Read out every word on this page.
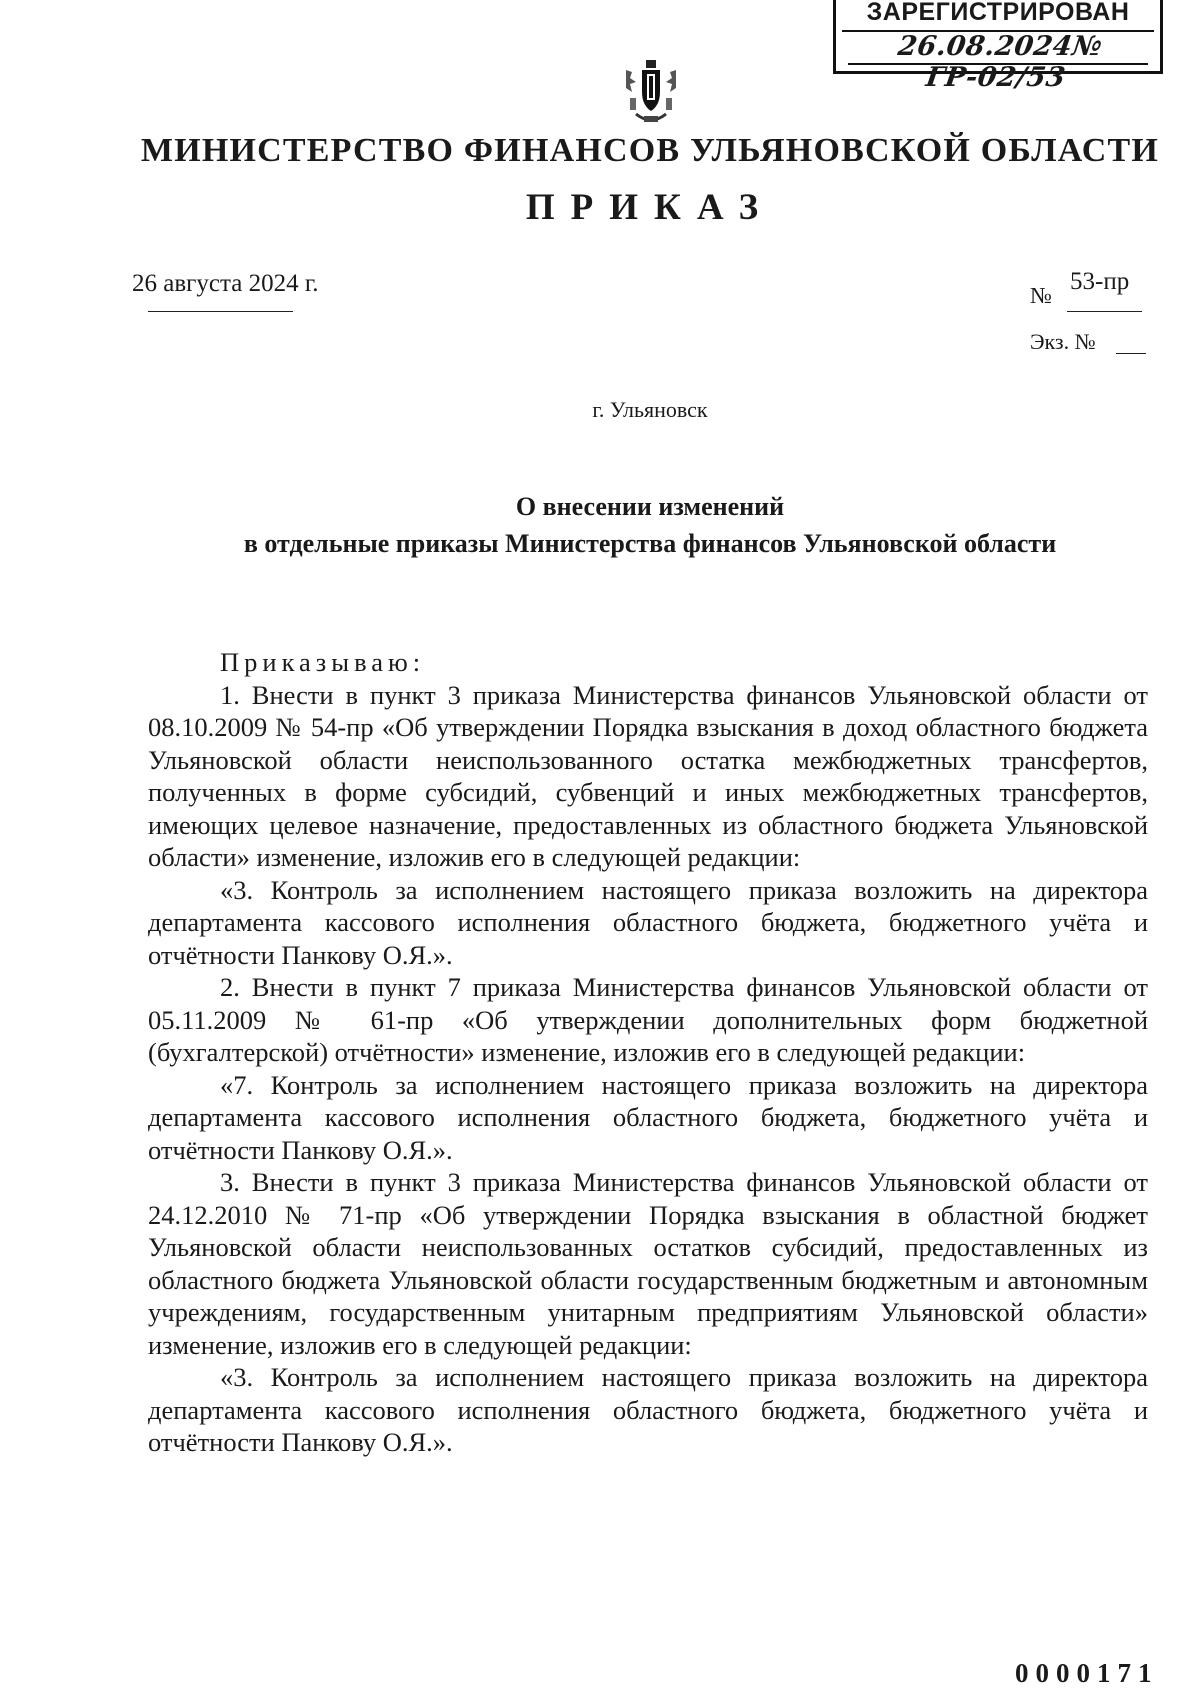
ЗАРЕГИСТРИРОВАН
26.08.2024№ ГР-02/53
МИНИСТЕРСТВО ФИНАНСОВ УЛЬЯНОВСКОЙ ОБЛАСТИ
ПРИКАЗ
26 августа 2024 г.	№
53-пр
Экз. №
г. Ульяновск
О внесении изменений
в отдельные приказы Министерства финансов Ульяновской области

Приказываю:

1. Внести в пункт 3 приказа Министерства финансов Ульяновской области от 08.10.2009 № 54-пр «Об утверждении Порядка взыскания в доход областного бюджета Ульяновской области неиспользованного остатка межбюджетных трансфертов, полученных в форме субсидий, субвенций и иных межбюджетных трансфертов, имеющих целевое назначение, предоставленных из областного бюджета Ульяновской области» изменение, изложив его в следующей редакции:

«3. Контроль за исполнением настоящего приказа возложить на директора департамента кассового исполнения областного бюджета, бюджетного учёта и отчётности Панкову О.Я.».

2. Внести в пункт 7 приказа Министерства финансов Ульяновской области от 05.11.2009 № 61-пр «Об утверждении дополнительных форм бюджетной (бухгалтерской) отчётности» изменение, изложив его в следующей редакции:

«7. Контроль за исполнением настоящего приказа возложить на директора департамента кассового исполнения областного бюджета, бюджетного учёта и отчётности Панкову О.Я.».

3. Внести в пункт 3 приказа Министерства финансов Ульяновской области от 24.12.2010 № 71-пр «Об утверждении Порядка взыскания в областной бюджет Ульяновской области неиспользованных остатков субсидий, предоставленных из областного бюджета Ульяновской области государственным бюджетным и автономным учреждениям, государственным унитарным предприятиям Ульяновской области» изменение, изложив его в следующей редакции:

«3. Контроль за исполнением настоящего приказа возложить на директора департамента кассового исполнения областного бюджета, бюджетного учёта и отчётности Панкову О.Я.».

0000171
